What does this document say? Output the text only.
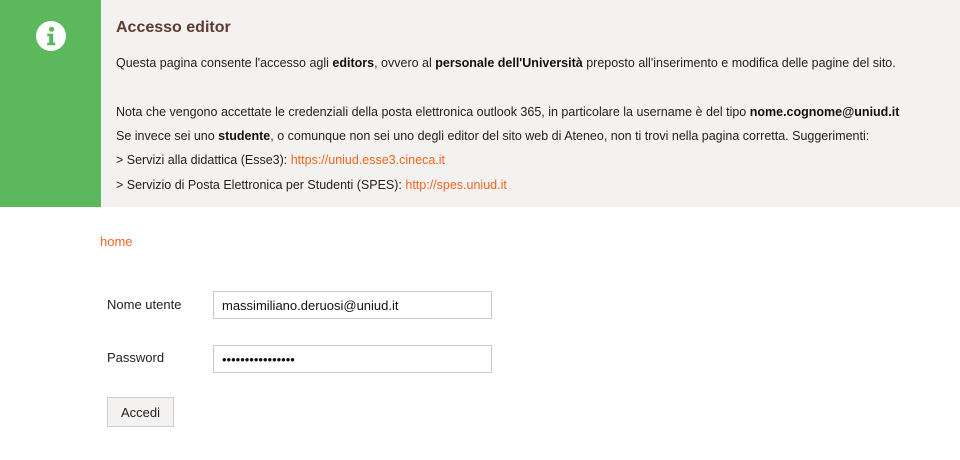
Accesso editor
Questa pagina consente l'accesso agli editors, ovvero al personale dell'Università preposto all'inserimento e modifica delle pagine del sito.
Nota che vengono accettate le credenziali della posta elettronica outlook 365, in particolare la username è del tipo nome.cognome@uniud.it
Se invece sei uno studente, o comunque non sei uno degli editor del sito web di Ateneo, non ti trovi nella pagina corretta. Suggerimenti:
> Servizi alla didattica (Esse3): https://uniud.esse3.cineca.it
> Servizio di Posta Elettronica per Studenti (SPES): http://spes.uniud.it
home
Nome utente
massimiliano.deruosi@uniud.it
Password
••••••••••••••••
Accedi
